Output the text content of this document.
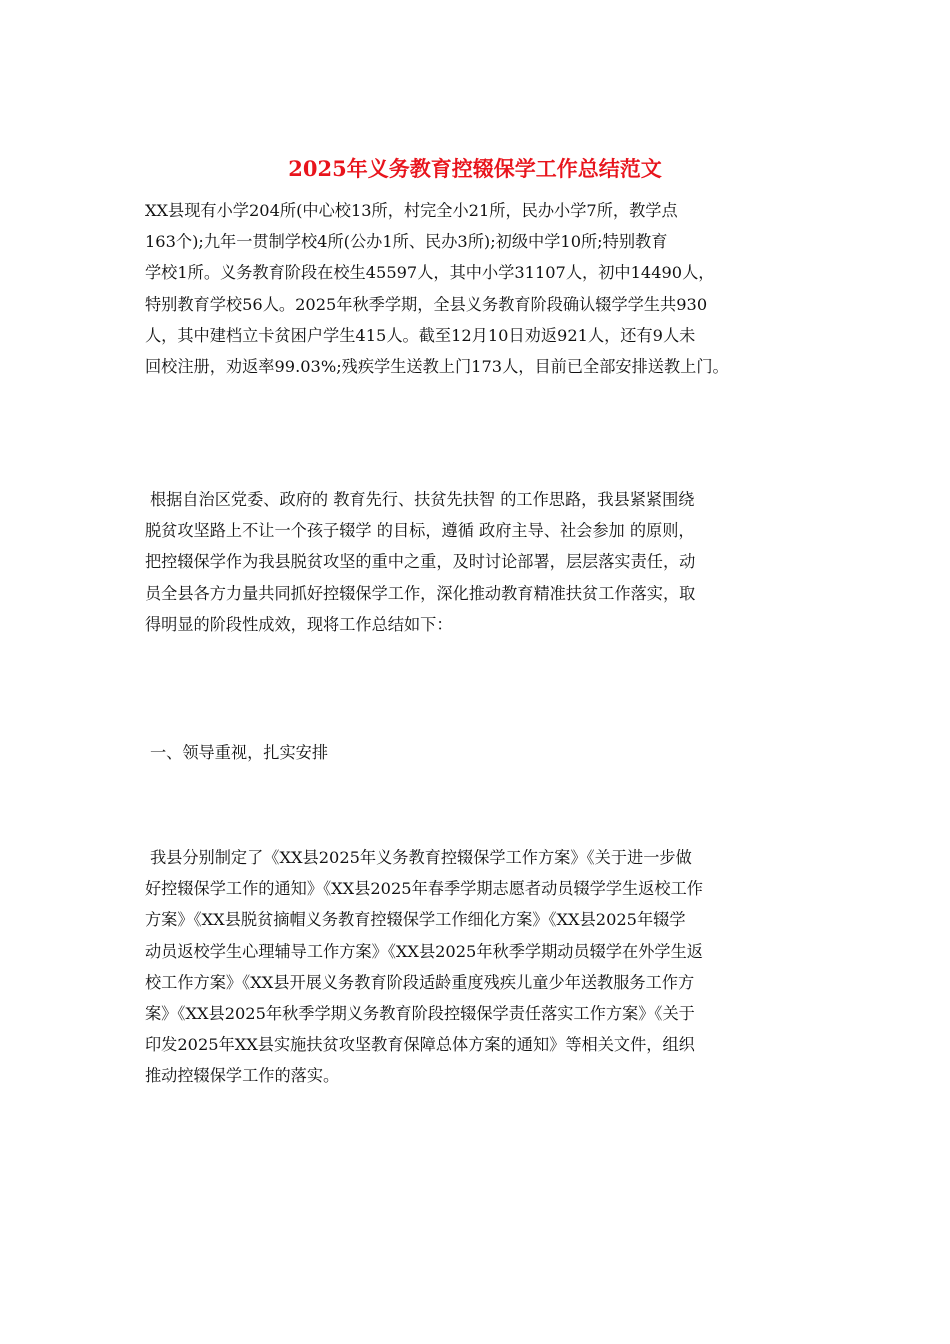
2025年义务教育控辍保学工作总结范文
XX县现有小学204所(中心校13所，村完全小21所，民办小学7所，教学点
163个);九年一贯制学校4所(公办1所、民办3所);初级中学10所;特别教育
学校1所。义务教育阶段在校生45597人，其中小学31107人，初中14490人，
特别教育学校56人。2025年秋季学期，全县义务教育阶段确认辍学学生共930
人，其中建档立卡贫困户学生415人。截至12月10日劝返921人，还有9人未
回校注册，劝返率99.03%;残疾学生送教上门173人，目前已全部安排送教上门。
根据自治区党委、政府的 教育先行、扶贫先扶智 的工作思路，我县紧紧围绕
脱贫攻坚路上不让一个孩子辍学 的目标，遵循 政府主导、社会参加 的原则，
把控辍保学作为我县脱贫攻坚的重中之重，及时讨论部署，层层落实责任，动
员全县各方力量共同抓好控辍保学工作，深化推动教育精准扶贫工作落实，取
得明显的阶段性成效，现将工作总结如下：
一、领导重视，扎实安排
我县分别制定了《XX县2025年义务教育控辍保学工作方案》《关于进一步做
好控辍保学工作的通知》《XX县2025年春季学期志愿者动员辍学学生返校工作
方案》《XX县脱贫摘帽义务教育控辍保学工作细化方案》《XX县2025年辍学
动员返校学生心理辅导工作方案》《XX县2025年秋季学期动员辍学在外学生返
校工作方案》《XX县开展义务教育阶段适龄重度残疾儿童少年送教服务工作方
案》《XX县2025年秋季学期义务教育阶段控辍保学责任落实工作方案》《关于
印发2025年XX县实施扶贫攻坚教育保障总体方案的通知》等相关文件，组织
推动控辍保学工作的落实。
